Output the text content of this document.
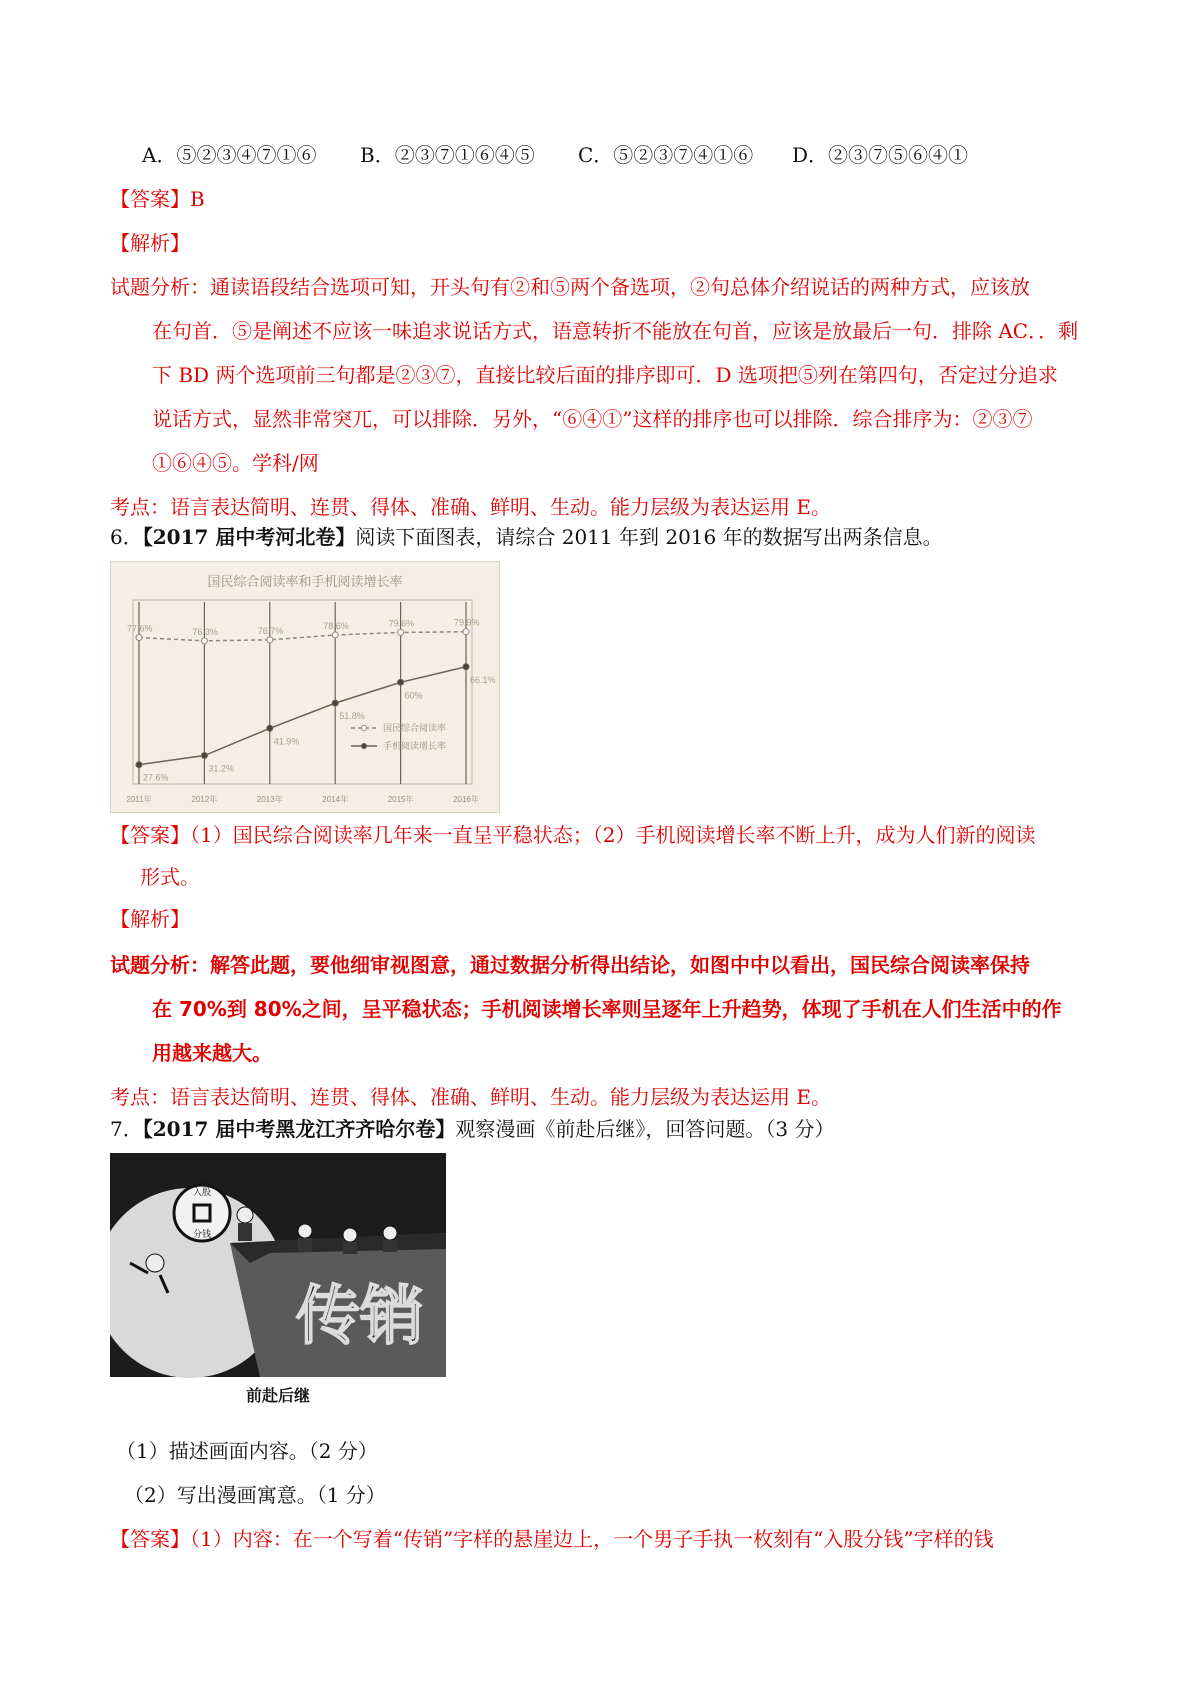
A．⑤②③④⑦①⑥ B．②③⑦①⑥④⑤ C．⑤②③⑦④①⑥ D．②③⑦⑤⑥④①
【答案】B
【解析】
试题分析：通读语段结合选项可知，开头句有②和⑤两个备选项，②句总体介绍说话的两种方式，应该放
在句首．⑤是阐述不应该一味追求说话方式，语意转折不能放在句首，应该是放最后一句．排除 AC．．剩
下 BD 两个选项前三句都是②③⑦，直接比较后面的排序即可．D 选项把⑤列在第四句，否定过分追求
说话方式，显然非常突兀，可以排除．另外，“⑥④①”这样的排序也可以排除．综合排序为：②③⑦
①⑥④⑤。学科/网
考点：语言表达简明、连贯、得体、准确、鲜明、生动。能力层级为表达运用 E。
6．【2017 届中考河北卷】阅读下面图表，请综合 2011 年到 2016 年的数据写出两条信息。
国民综合阅读率和手机阅读增长率
2011年	2012年	2013年	2014年	2015年	2016年
77.6%	76.3%	76.7%	78.6%	79.6%	79.9%
27.6%
31.2%
41.9%
51.8%
60%
66.1%
国民综合阅读率
手机阅读增长率
【答案】（1）国民综合阅读率几年来一直呈平稳状态；（2）手机阅读增长率不断上升，成为人们新的阅读
形式。
【解析】
试题分析：解答此题，要他细审视图意，通过数据分析得出结论，如图中中以看出，国民综合阅读率保持
在 70%到 80%之间，呈平稳状态；手机阅读增长率则呈逐年上升趋势，体现了手机在人们生活中的作
用越来越大。
考点：语言表达简明、连贯、得体、准确、鲜明、生动。能力层级为表达运用 E。
7．【2017 届中考黑龙江齐齐哈尔卷】观察漫画《前赴后继》，回答问题。（3 分）
入股
分钱
传销
前赴后继
（1）描述画面内容。（2 分）
（2）写出漫画寓意。（1 分）
【答案】（1）内容：在一个写着“传销”字样的悬崖边上，一个男子手执一枚刻有“入股分钱”字样的钱
